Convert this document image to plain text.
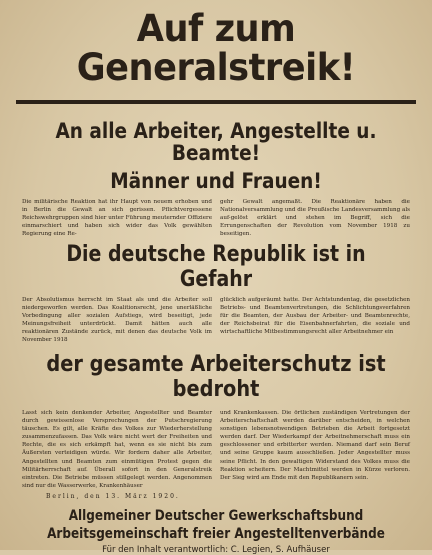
Auf zum Generalstreik!

An alle Arbeiter, Angestellte u. Beamte!

Männer und Frauen!

Die militärische Reaktion hat ihr Haupt von neuem erhoben und in Berlin die Gewalt an sich gerissen. Pflichtvergessene Reichswehrgruppen sind hier unter Führung meuternder Offiziere einmarschiert und haben sich wider das Volk gewählten Regierung eine Re-

gehr Gewalt angemaßt. Die Reaktionäre haben die Nationalversammlung und die Preußische Landesversammlung als auf-gelöst erklärt und stehen im Begriff, sich die Errungenschaften der Revolution vom November 1918 zu beseitigen.

Die deutsche Republik ist in Gefahr

Der Absolutismus herrscht im Staat als und die Arbeiter soll niedergeworfen werden. Das Koalitionsrecht, jene unerläßliche Vorbedingung aller sozialen Aufstiegs, wird beseitigt, jede Meinungsfreiheit unterdrückt. Damit hätten auch alle reaktionären Zustände zurück, mit denen das deutsche Volk im November 1918

glücklich aufgeräumt hatte. Der Achtstundentag, die gesetzlichen Betriebs- und Beamtenvertretungen, die Schlichtungsverfahren für die Beamten, der Ausbau der Arbeiter- und Beamtenrechte, der Reichsbeirat für die Eisenbahnerfahrten, die soziale und wirtschaftliche Mitbestimmungsrecht aller Arbeitnehmer ein

der gesamte Arbeiterschutz ist bedroht

Lasst sich kein denkender Arbeiter, Angestellter und Beamter durch gewissenlose Versprechungen der Putschregierung täuschen. Es gilt, alle Kräfte des Volkes zur Wiederherstellung zusammenzufassen. Das Volk wäre nicht wert der Freiheiten und Rechte, die es sich erkämpft hat, wenn es sie nicht bis zum Äußersten verteidigen würde. Wir fordern daher alle Arbeiter, Angestellten und Beamten zum einmütigen Protest gegen die Militärherrschaft auf. Überall sofort in den Generalstreik eintreten. Die Betriebe müssen stillgelegt werden. Angenommen sind nur die Wasserwerke, Krankenhäuser

und Krankenkassen. Die örtlichen zuständigen Vertretungen der Arbeiterschaftschaft werden darüber entscheiden, in welchen sonstigen lebensnotwendigen Betrieben die Arbeit fortgesetzt werden darf. Der Wiederkampf der Arbeitnehmerschaft muss ein geschlossener und erbitterter werden. Niemand darf sein Beruf und seine Gruppe kaum ausschließen. Jeder Angestellter muss seine Pflicht. In den gewaltigen Widerstand des Volkes muss die Reaktion scheitern. Der Machtmittel werden in Kürze verloren. Der Sieg wird am Ende mit den Republikanern sein.

Berlin, den 13. März 1920.

Allgemeiner Deutscher Gewerkschaftsbund

Arbeitsgemeinschaft freier Angestelltenverbände

Für den Inhalt verantwortlich: C. Legien, S. Aufhäuser
